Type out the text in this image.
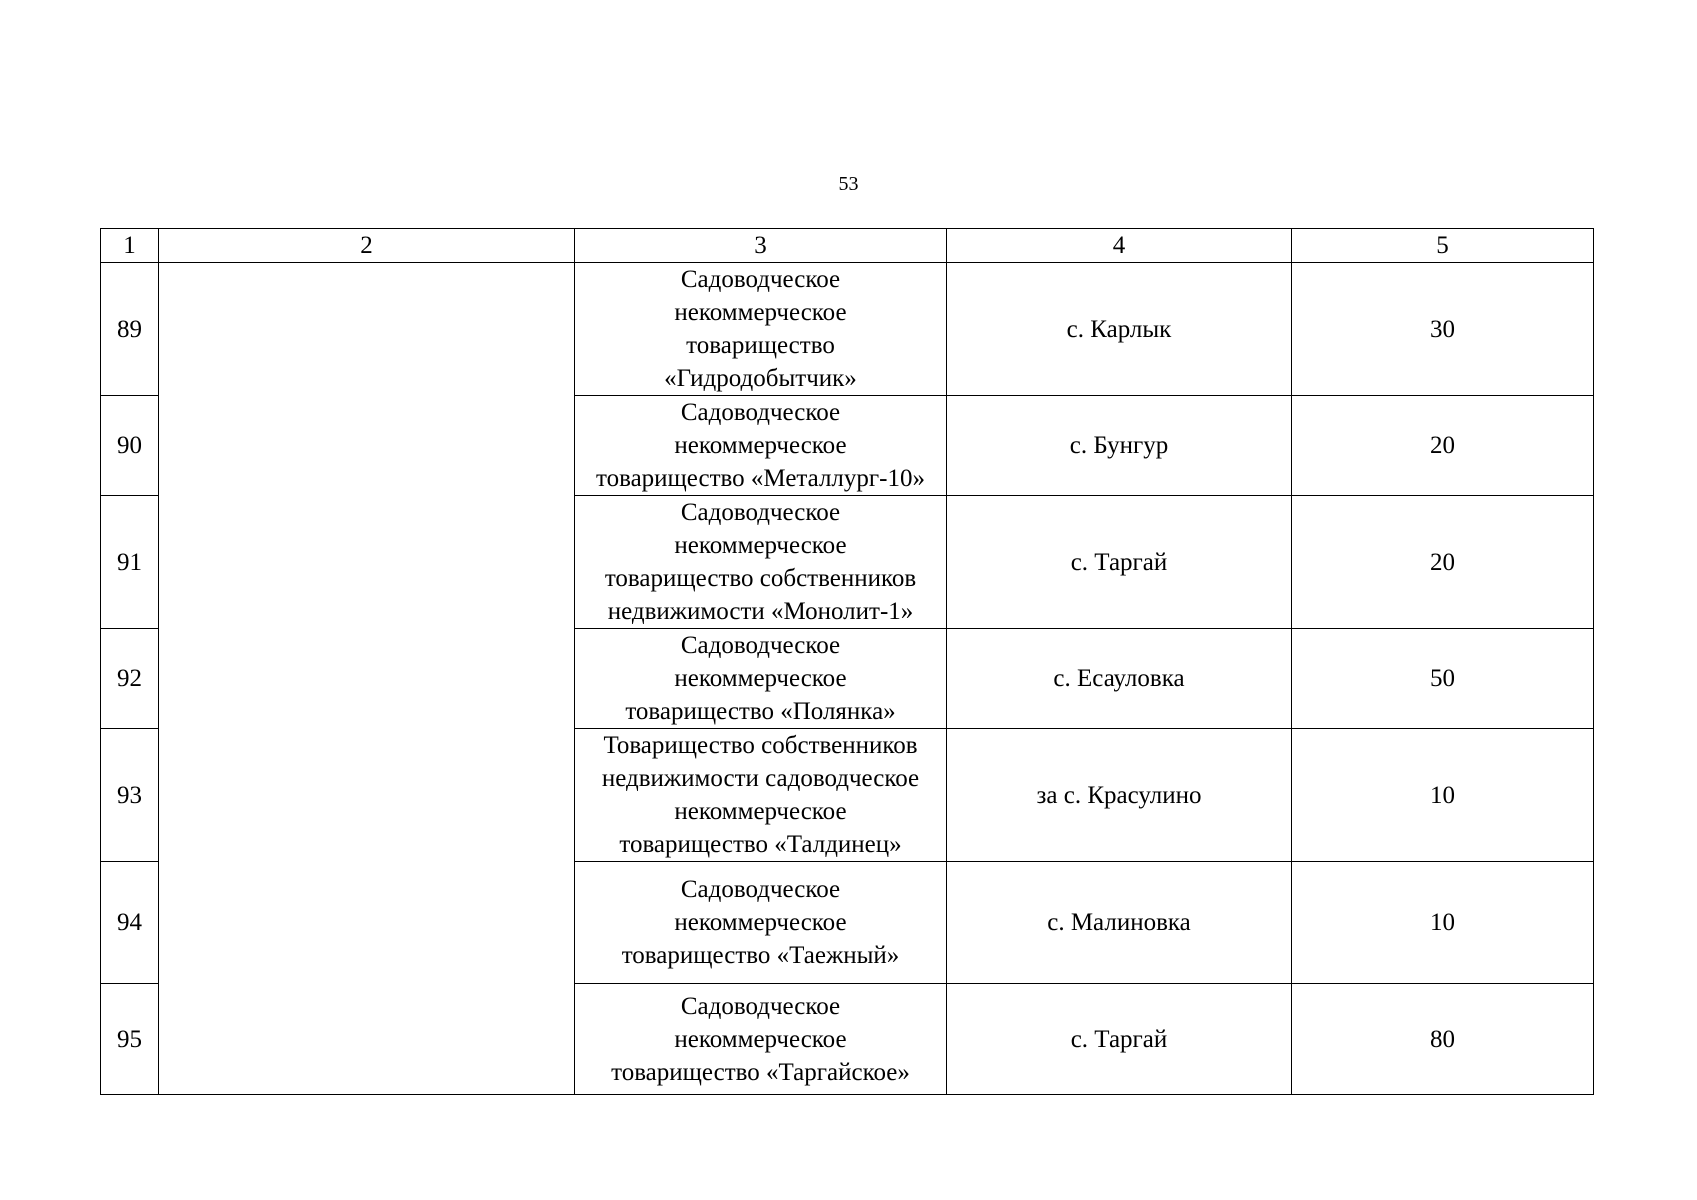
53
1	2	3	4	5
89		Садоводческое
некоммерческое
товарищество
«Гидродобытчик»	с. Карлык	30
90		Садоводческое
некоммерческое
товарищество «Металлург-10»	с. Бунгур	20
91		Садоводческое
некоммерческое
товарищество собственников
недвижимости «Монолит-1»	с. Таргай	20
92		Садоводческое
некоммерческое
товарищество «Полянка»	с. Есауловка	50
93		Товарищество собственников
недвижимости садоводческое
некоммерческое
товарищество «Талдинец»	за с. Красулино	10
94		Садоводческое
некоммерческое
товарищество «Таежный»	с. Малиновка	10
95		Садоводческое
некоммерческое
товарищество «Таргайское»	с. Таргай	80
